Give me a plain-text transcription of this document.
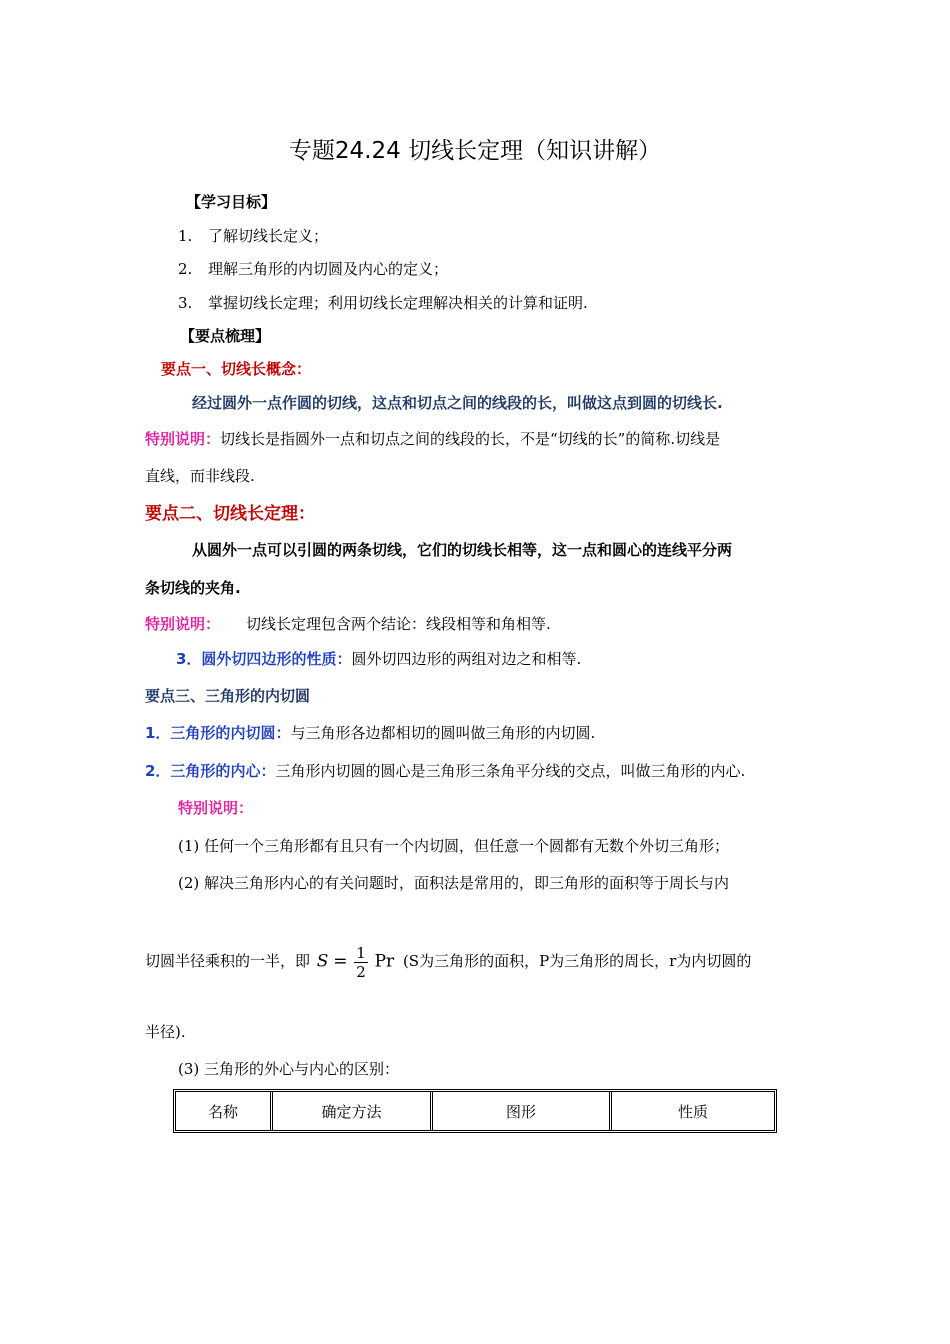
专题24.24 切线长定理（知识讲解）
【学习目标】
1. 了解切线长定义；
2. 理解三角形的内切圆及内心的定义；
3. 掌握切线长定理；利用切线长定理解决相关的计算和证明.
【要点梳理】
要点一、切线长概念：
经过圆外一点作圆的切线，这点和切点之间的线段的长，叫做这点到圆的切线长.
特别说明：切线长是指圆外一点和切点之间的线段的长，不是“切线的长”的简称.切线是
直线，而非线段.
要点二、切线长定理：
从圆外一点可以引圆的两条切线，它们的切线长相等，这一点和圆心的连线平分两
条切线的夹角.
特别说明： 切线长定理包含两个结论：线段相等和角相等.
3．圆外切四边形的性质：圆外切四边形的两组对边之和相等.
要点三、三角形的内切圆
1．三角形的内切圆：与三角形各边都相切的圆叫做三角形的内切圆.
2．三角形的内心：三角形内切圆的圆心是三角形三条角平分线的交点，叫做三角形的内心.
特别说明：
(1) 任何一个三角形都有且只有一个内切圆，但任意一个圆都有无数个外切三角形；
(2) 解决三角形内心的有关问题时，面积法是常用的，即三角形的面积等于周长与内
切圆半径乘积的一半，即 $S = \frac{1}{2}$ Pr (S为三角形的面积，P为三角形的周长，r为内切圆的
半径).
(3) 三角形的外心与内心的区别：
名称	确定方法	图形	性质
